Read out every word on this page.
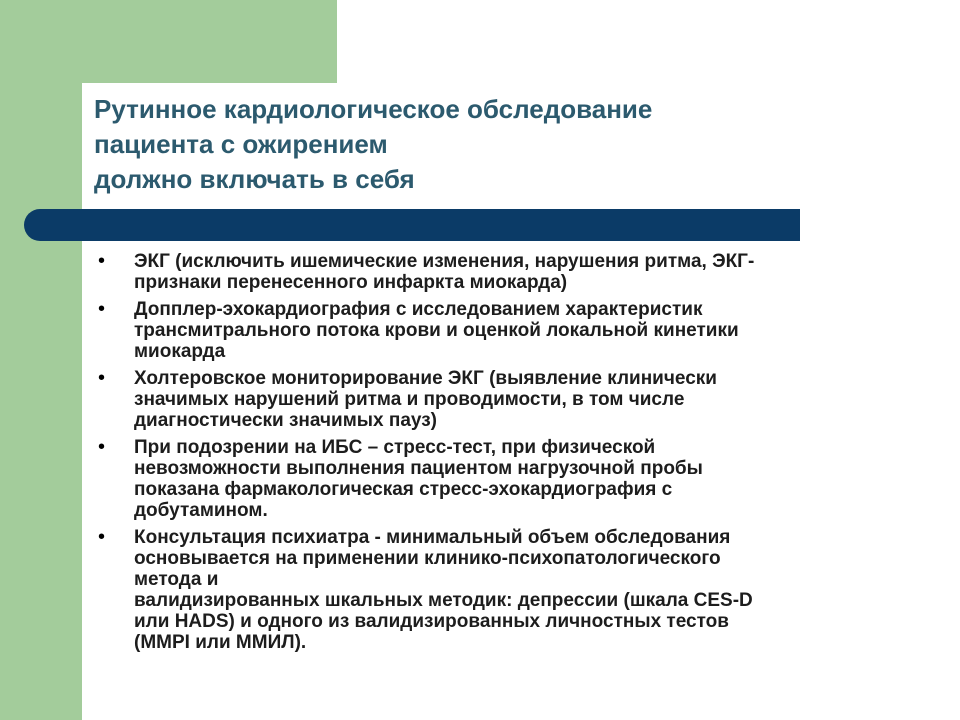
Рутинное кардиологическое обследование
пациента с ожирением
должно включать в себя
•	ЭКГ (исключить ишемические изменения, нарушения ритма, ЭКГ-
признаки перенесенного инфаркта миокарда)
•	Допплер-эхокардиография с исследованием характеристик
трансмитрального потока крови и оценкой локальной кинетики
миокарда
•	Холтеровское мониторирование ЭКГ (выявление клинически
значимых нарушений ритма и проводимости, в том числе
диагностически значимых пауз)
•	При подозрении на ИБС – стресс-тест, при физической
невозможности выполнения пациентом нагрузочной пробы
показана фармакологическая стресс-эхокардиография с
добутамином.
•	Консультация психиатра - минимальный объем обследования
основывается на применении клинико-психопатологического
метода и
валидизированных шкальных методик: депрессии (шкала CES-D
или HADS) и одного из валидизированных личностных тестов
(MMPI или ММИЛ).
